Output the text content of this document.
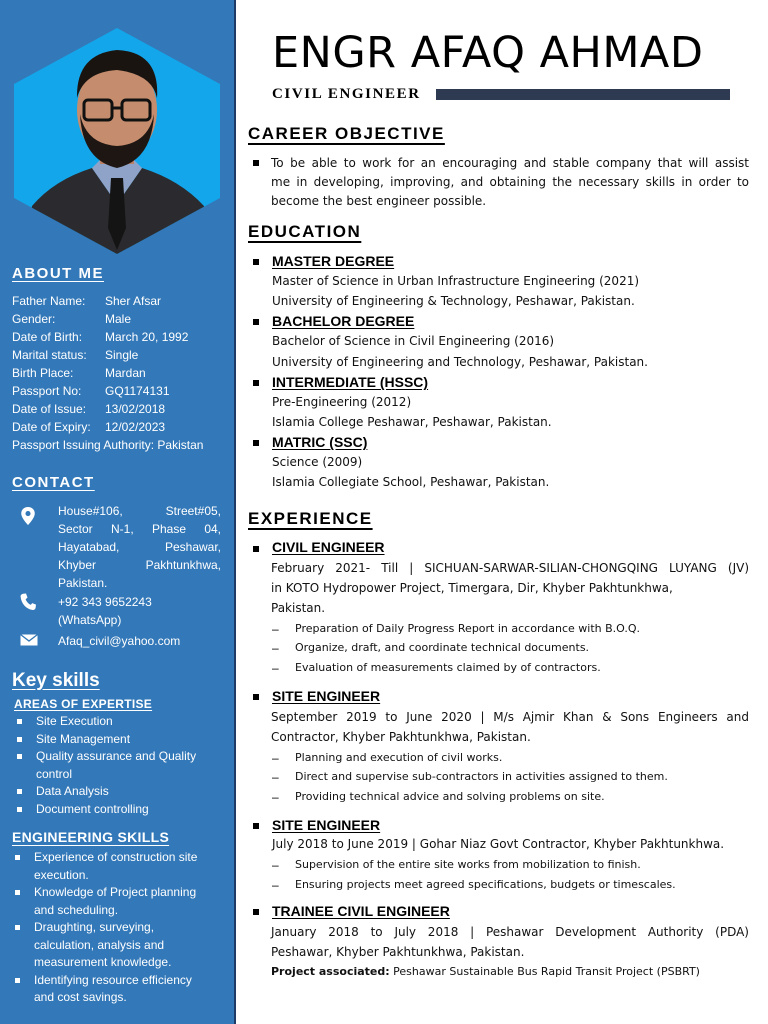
ABOUT ME
Father Name: Sher Afsar
Gender:	Male
Date of Birth: March 20, 1992
Marital status: Single
Birth Place:	Mardan
Passport No: GQ1174131
Date of Issue: 13/02/2018
Date of Expiry: 12/02/2023
Passport Issuing Authority: Pakistan
CONTACT
House#106, Street#05,
Sector N-1, Phase 04,
Hayatabad, Peshawar,
Khyber Pakhtunkhwa,
Pakistan.
+92 343 9652243
(WhatsApp)
Afaq_civil@yahoo.com
Key skills
AREAS OF EXPERTISE
Site Execution
Site Management
Quality assurance and Quality control
Data Analysis
Document controlling
ENGINEERING SKILLS
Experience of construction site execution.
Knowledge of Project planning and scheduling.
Draughting, surveying, calculation, analysis and measurement knowledge.
Identifying resource efficiency and cost savings.
ENGR AFAQ AHMAD
CIVIL ENGINEER
CAREER OBJECTIVE
To be able to work for an encouraging and stable company that will assist
me in developing, improving, and obtaining the necessary skills in order to
become the best engineer possible.
EDUCATION
MASTER DEGREE
Master of Science in Urban Infrastructure Engineering (2021)
University of Engineering & Technology, Peshawar, Pakistan.
BACHELOR DEGREE
Bachelor of Science in Civil Engineering (2016)
University of Engineering and Technology, Peshawar, Pakistan.
INTERMEDIATE (HSSC)
Pre-Engineering (2012)
Islamia College Peshawar, Peshawar, Pakistan.
MATRIC (SSC)
Science (2009)
Islamia Collegiate School, Peshawar, Pakistan.
EXPERIENCE
CIVIL ENGINEER
February 2021- Till | SICHUAN-SARWAR-SILIAN-CHONGQING LUYANG (JV)
in KOTO Hydropower Project, Timergara, Dir, Khyber Pakhtunkhwa,
Pakistan.
– Preparation of Daily Progress Report in accordance with B.O.Q.
– Organize, draft, and coordinate technical documents.
– Evaluation of measurements claimed by of contractors.
SITE ENGINEER
September 2019 to June 2020 | M/s Ajmir Khan & Sons Engineers and
Contractor, Khyber Pakhtunkhwa, Pakistan.
– Planning and execution of civil works.
– Direct and supervise sub-contractors in activities assigned to them.
– Providing technical advice and solving problems on site.
SITE ENGINEER
July 2018 to June 2019 | Gohar Niaz Govt Contractor, Khyber Pakhtunkhwa.
– Supervision of the entire site works from mobilization to finish.
– Ensuring projects meet agreed specifications, budgets or timescales.
TRAINEE CIVIL ENGINEER
January 2018 to July 2018 | Peshawar Development Authority (PDA)
Peshawar, Khyber Pakhtunkhwa, Pakistan.
Project associated: Peshawar Sustainable Bus Rapid Transit Project (PSBRT)
